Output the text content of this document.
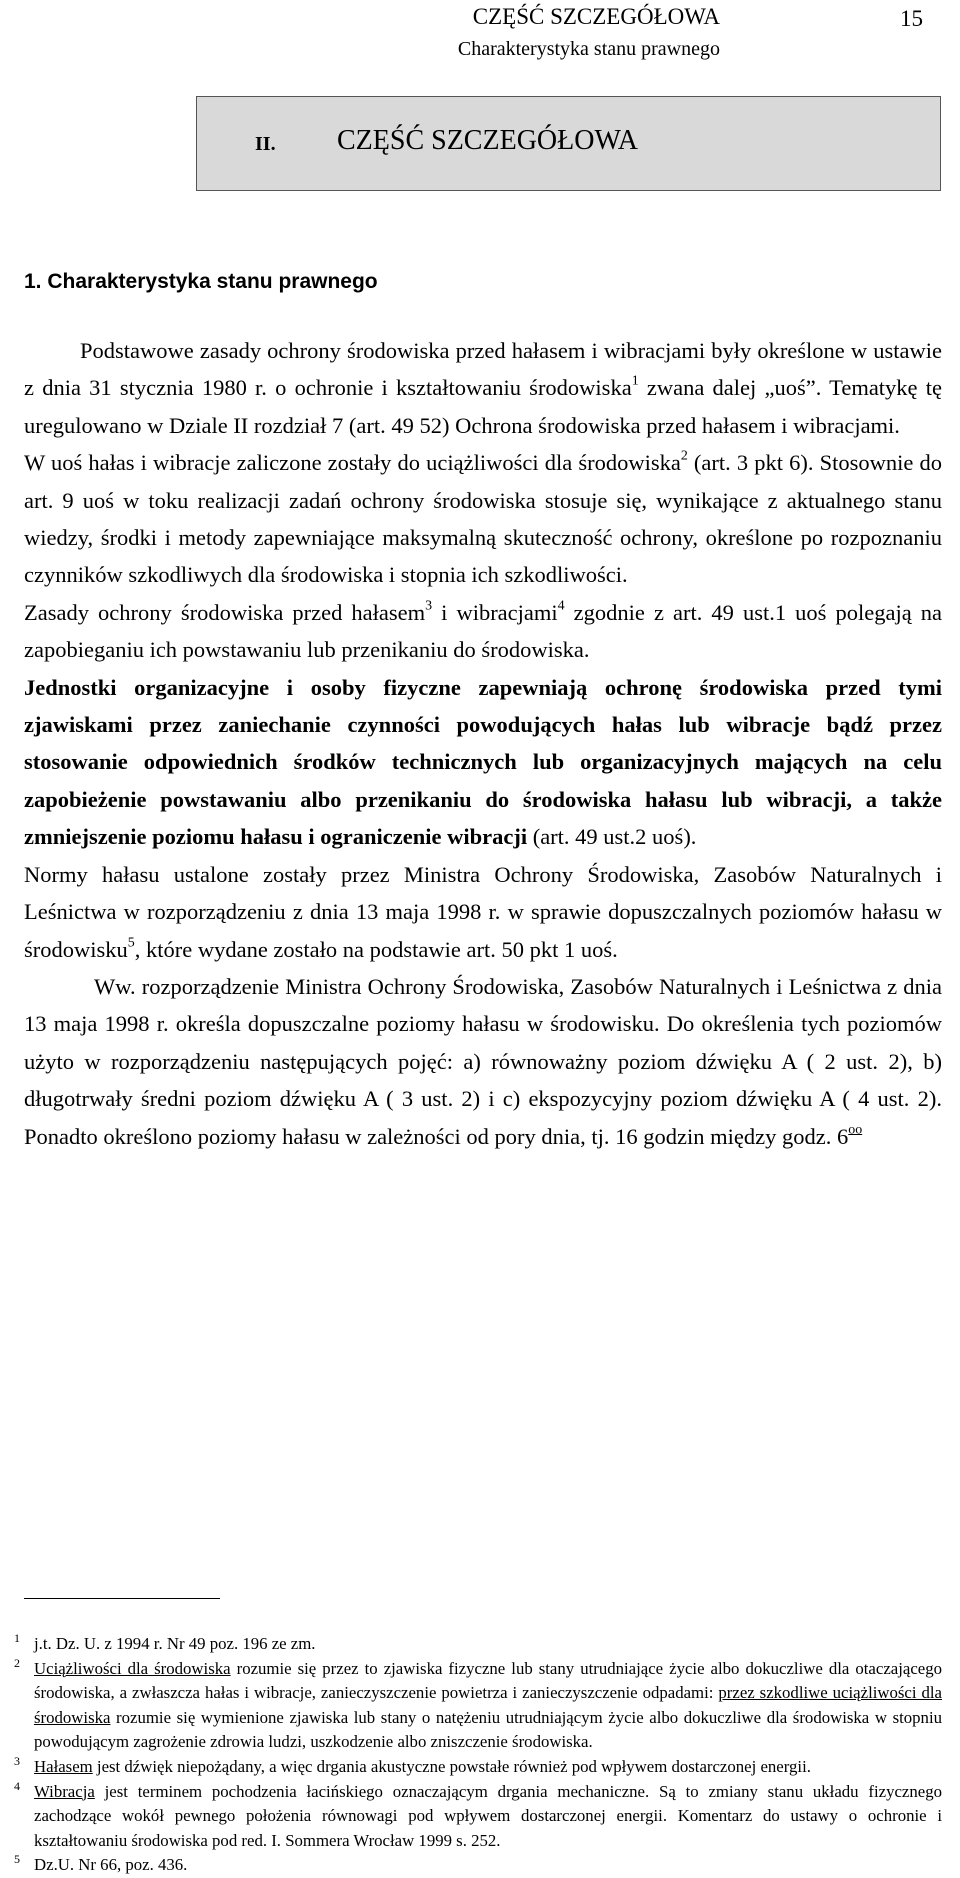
CZĘŚĆ SZCZEGÓŁOWA
Charakterystyka stanu prawnego
15
II. CZĘŚĆ SZCZEGÓŁOWA
1. Charakterystyka stanu prawnego

Podstawowe zasady ochrony środowiska przed hałasem i wibracjami były określone w ustawie z dnia 31 stycznia 1980 r. o ochronie i kształtowaniu środowiska$^1$ zwana dalej „uoś”. Tematykę tę uregulowano w Dziale II rozdział 7 (art. 49 52) Ochrona środowiska przed hałasem i wibracjami.

W uoś hałas i wibracje zaliczone zostały do uciążliwości dla środowiska$^2$ (art. 3 pkt 6). Stosownie do art. 9 uoś w toku realizacji zadań ochrony środowiska stosuje się, wynikające z aktualnego stanu wiedzy, środki i metody zapewniające maksymalną skuteczność ochrony, określone po rozpoznaniu czynników szkodliwych dla środowiska i stopnia ich szkodliwości.

Zasady ochrony środowiska przed hałasem$^3$ i wibracjami$^4$ zgodnie z art. 49 ust.1 uoś polegają na zapobieganiu ich powstawaniu lub przenikaniu do środowiska.

Jednostki organizacyjne i osoby fizyczne zapewniają ochronę środowiska przed tymi zjawiskami przez zaniechanie czynności powodujących hałas lub wibracje bądź przez stosowanie odpowiednich środków technicznych lub organizacyjnych mających na celu zapobieżenie powstawaniu albo przenikaniu do środowiska hałasu lub wibracji, a także zmniejszenie poziomu hałasu i ograniczenie wibracji (art. 49 ust.2 uoś).

Normy hałasu ustalone zostały przez Ministra Ochrony Środowiska, Zasobów Naturalnych i Leśnictwa w rozporządzeniu z dnia 13 maja 1998 r. w sprawie dopuszczalnych poziomów hałasu w środowisku$^5$, które wydane zostało na podstawie art. 50 pkt 1 uoś.

Ww. rozporządzenie Ministra Ochrony Środowiska, Zasobów Naturalnych i Leśnictwa z dnia 13 maja 1998 r. określa dopuszczalne poziomy hałasu w środowisku. Do określenia tych poziomów użyto w rozporządzeniu następujących pojęć: a) równoważny poziom dźwięku A ( 2 ust. 2), b) długotrwały średni poziom dźwięku A ( 3 ust. 2) i c) ekspozycyjny poziom dźwięku A ( 4 ust. 2). Ponadto określono poziomy hałasu w zależności od pory dnia, tj. 16 godzin między godz. $6^{oo}$

1 j.t. Dz. U. z 1994 r. Nr 49 poz. 196 ze zm.
2 Uciążliwości dla środowiska rozumie się przez to zjawiska fizyczne lub stany utrudniające życie albo dokuczliwe dla otaczającego środowiska, a zwłaszcza hałas i wibracje, zanieczyszczenie powietrza i zanieczyszczenie odpadami: przez szkodliwe uciążliwości dla środowiska rozumie się wymienione zjawiska lub stany o natężeniu utrudniającym życie albo dokuczliwe dla środowiska w stopniu powodującym zagrożenie zdrowia ludzi, uszkodzenie albo zniszczenie środowiska.
3 Hałasem jest dźwięk niepożądany, a więc drgania akustyczne powstałe również pod wpływem dostarczonej energii.
4 Wibracja jest terminem pochodzenia łacińskiego oznaczającym drgania mechaniczne. Są to zmiany stanu układu fizycznego zachodzące wokół pewnego położenia równowagi pod wpływem dostarczonej energii. Komentarz do ustawy o ochronie i kształtowaniu środowiska pod red. I. Sommera Wrocław 1999 s. 252.
5 Dz.U. Nr 66, poz. 436.
